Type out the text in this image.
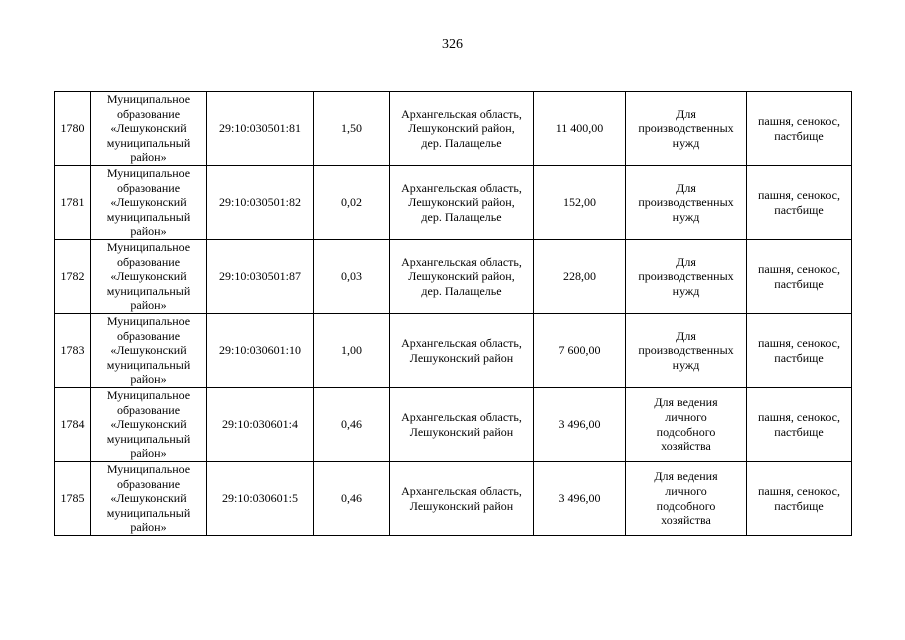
326
1780	Муниципальное
образование
«Лешуконский
муниципальный
район»	29:10:030501:81	1,50	Архангельская область,
Лешуконский район,
дер. Палащелье	11 400,00	Для
производственных
нужд	пашня, сенокос,
пастбище
1781	Муниципальное
образование
«Лешуконский
муниципальный
район»	29:10:030501:82	0,02	Архангельская область,
Лешуконский район,
дер. Палащелье	152,00	Для
производственных
нужд	пашня, сенокос,
пастбище
1782	Муниципальное
образование
«Лешуконский
муниципальный
район»	29:10:030501:87	0,03	Архангельская область,
Лешуконский район,
дер. Палащелье	228,00	Для
производственных
нужд	пашня, сенокос,
пастбище
1783	Муниципальное
образование
«Лешуконский
муниципальный
район»	29:10:030601:10	1,00	Архангельская область,
Лешуконский район	7 600,00	Для
производственных
нужд	пашня, сенокос,
пастбище
1784	Муниципальное
образование
«Лешуконский
муниципальный
район»	29:10:030601:4	0,46	Архангельская область,
Лешуконский район	3 496,00	Для ведения
личного
подсобного
хозяйства	пашня, сенокос,
пастбище
1785	Муниципальное
образование
«Лешуконский
муниципальный
район»	29:10:030601:5	0,46	Архангельская область,
Лешуконский район	3 496,00	Для ведения
личного
подсобного
хозяйства	пашня, сенокос,
пастбище
